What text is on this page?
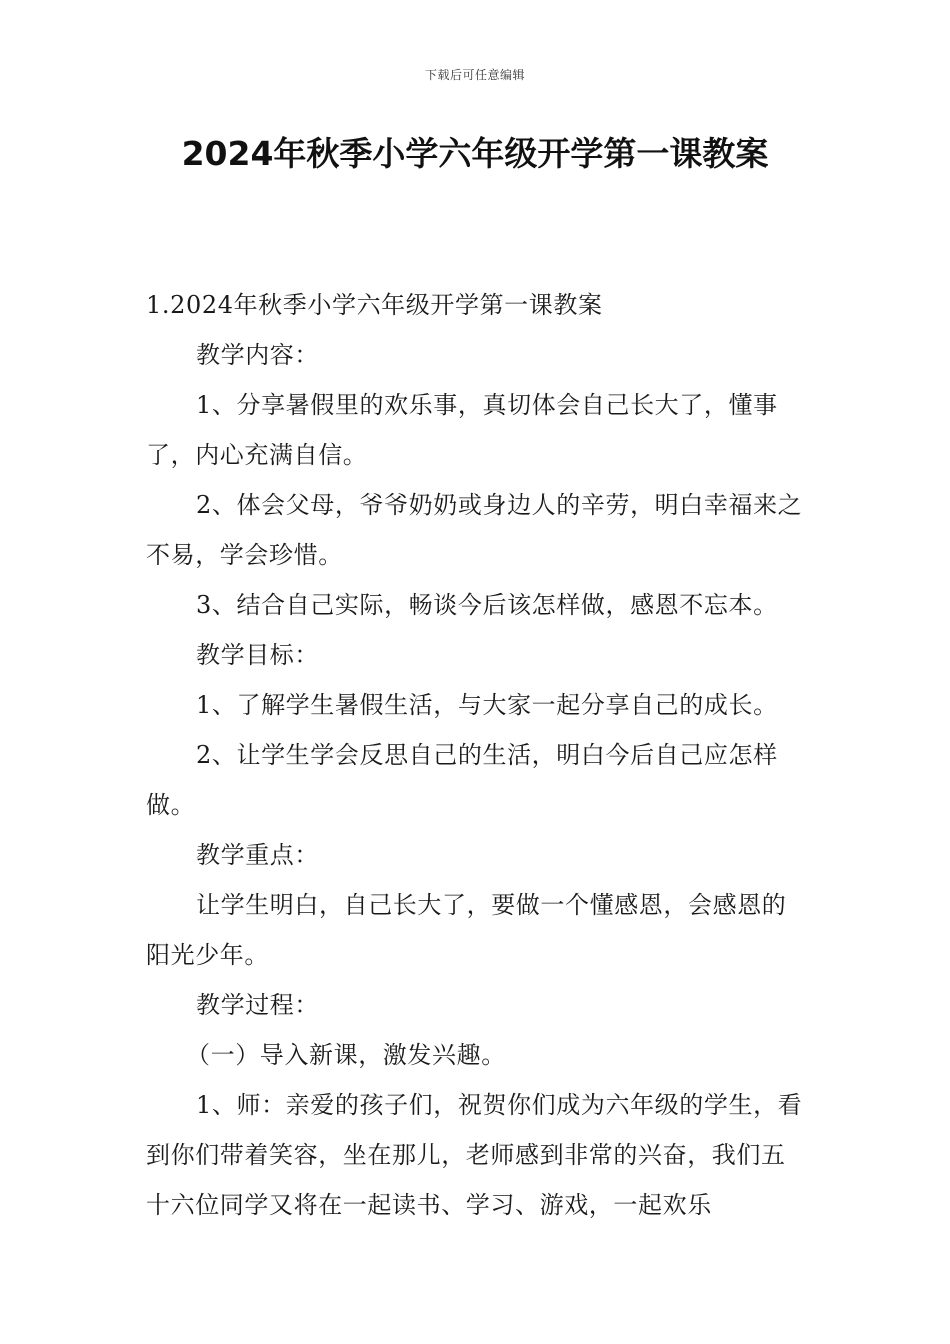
下载后可任意编辑
2024年秋季小学六年级开学第一课教案

1.2024年秋季小学六年级开学第一课教案

教学内容：

1、分享暑假里的欢乐事，真切体会自己长大了，懂事了，内心充满自信。

2、体会父母，爷爷奶奶或身边人的辛劳，明白幸福来之不易，学会珍惜。

3、结合自己实际，畅谈今后该怎样做，感恩不忘本。

教学目标：

1、了解学生暑假生活，与大家一起分享自己的成长。

2、让学生学会反思自己的生活，明白今后自己应怎样做。

教学重点：

让学生明白，自己长大了，要做一个懂感恩，会感恩的阳光少年。

教学过程：

（一）导入新课，激发兴趣。

1、师：亲爱的孩子们，祝贺你们成为六年级的学生，看到你们带着笑容，坐在那儿，老师感到非常的兴奋，我们五十六位同学又将在一起读书、学习、游戏，一起欢乐
